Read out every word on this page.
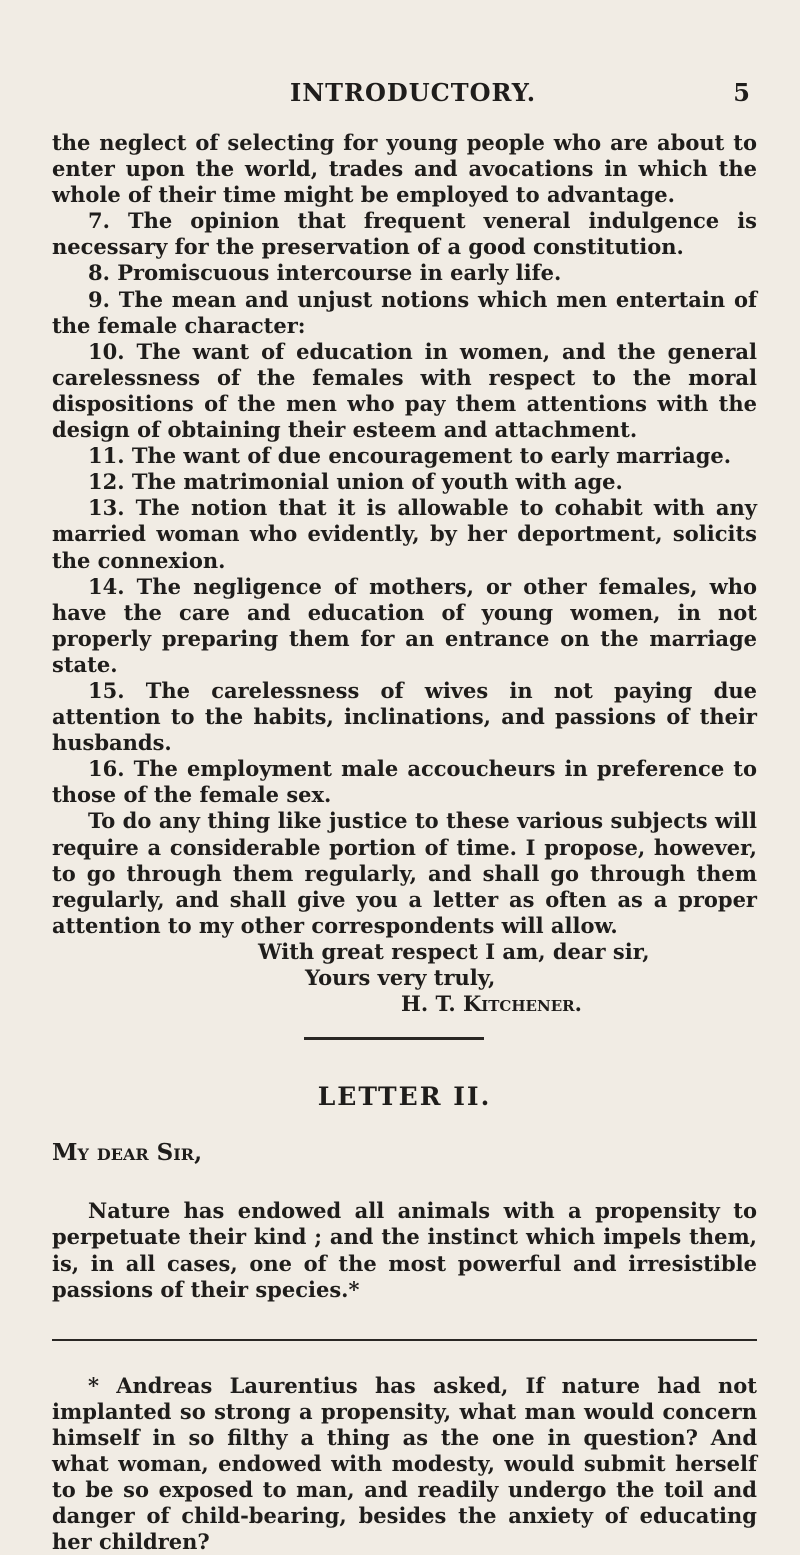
INTRODUCTORY.	5

the neglect of selecting for young people who are about to enter upon the world, trades and avocations in which the whole of their time might be employed to advantage.

7. The opinion that frequent veneral indulgence is necessary for the preservation of a good constitution.

8. Promiscuous intercourse in early life.

9. The mean and unjust notions which men entertain of the female character:

10. The want of education in women, and the general carelessness of the females with respect to the moral dispositions of the men who pay them attentions with the design of obtaining their esteem and attachment.

11. The want of due encouragement to early marriage.

12. The matrimonial union of youth with age.

13. The notion that it is allowable to cohabit with any married woman who evidently, by her deportment, solicits the connexion.

14. The negligence of mothers, or other females, who have the care and education of young women, in not properly preparing them for an entrance on the marriage state.

15. The carelessness of wives in not paying due attention to the habits, inclinations, and passions of their husbands.

16. The employment male accoucheurs in preference to those of the female sex.

To do any thing like justice to these various subjects will require a considerable portion of time. I propose, however, to go through them regularly, and shall go through them regularly, and shall give you a letter as often as a proper attention to my other correspondents will allow.

With great respect I am, dear sir,
Yours very truly,
H. T. Kitchener.
LETTER II.
My dear Sir,

Nature has endowed all animals with a propensity to perpetuate their kind ; and the instinct which impels them, is, in all cases, one of the most powerful and irresistible passions of their species.*

* Andreas Laurentius has asked, If nature had not implanted so strong a propensity, what man would concern himself in so filthy a thing as the one in question? And what woman, endowed with modesty, would submit herself to be so exposed to man, and readily undergo the toil and danger of child-bearing, besides the anxiety of educating her children?
